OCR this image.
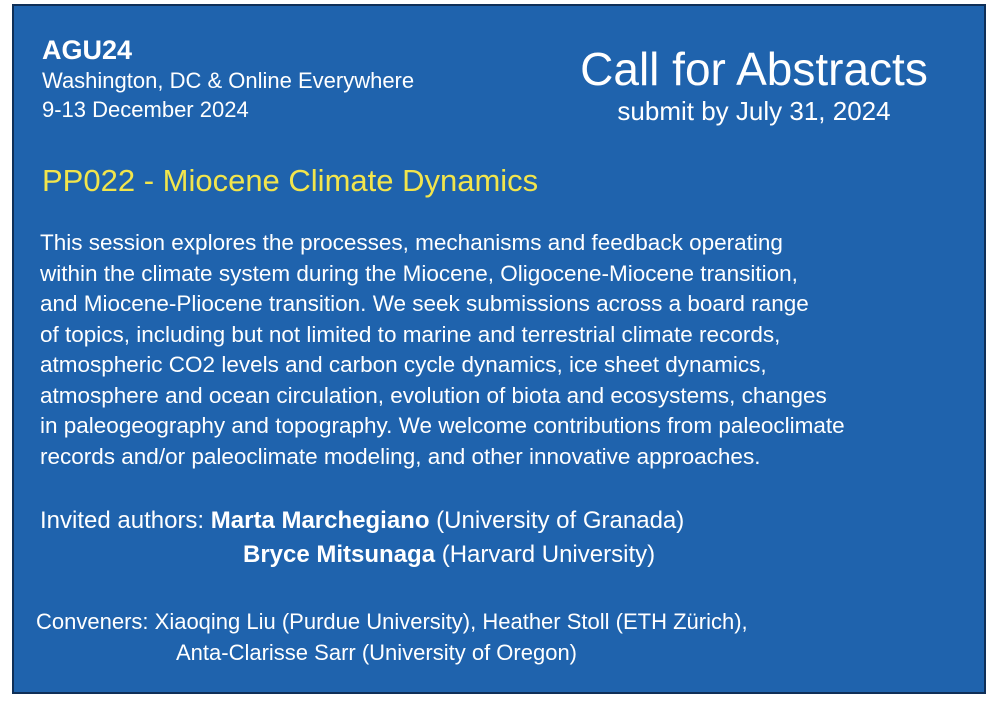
AGU24
Washington, DC & Online Everywhere
9-13 December 2024
Call for Abstracts
submit by July 31, 2024
PP022 - Miocene Climate Dynamics
This session explores the processes, mechanisms and feedback operating
within the climate system during the Miocene, Oligocene-Miocene transition,
and Miocene-Pliocene transition. We seek submissions across a board range
of topics, including but not limited to marine and terrestrial climate records,
atmospheric CO2 levels and carbon cycle dynamics, ice sheet dynamics,
atmosphere and ocean circulation, evolution of biota and ecosystems, changes
in paleogeography and topography. We welcome contributions from paleoclimate
records and/or paleoclimate modeling, and other innovative approaches.
Invited authors: Marta Marchegiano (University of Granada)
Bryce Mitsunaga (Harvard University)
Conveners: Xiaoqing Liu (Purdue University), Heather Stoll (ETH Zürich),
Anta-Clarisse Sarr (University of Oregon)
